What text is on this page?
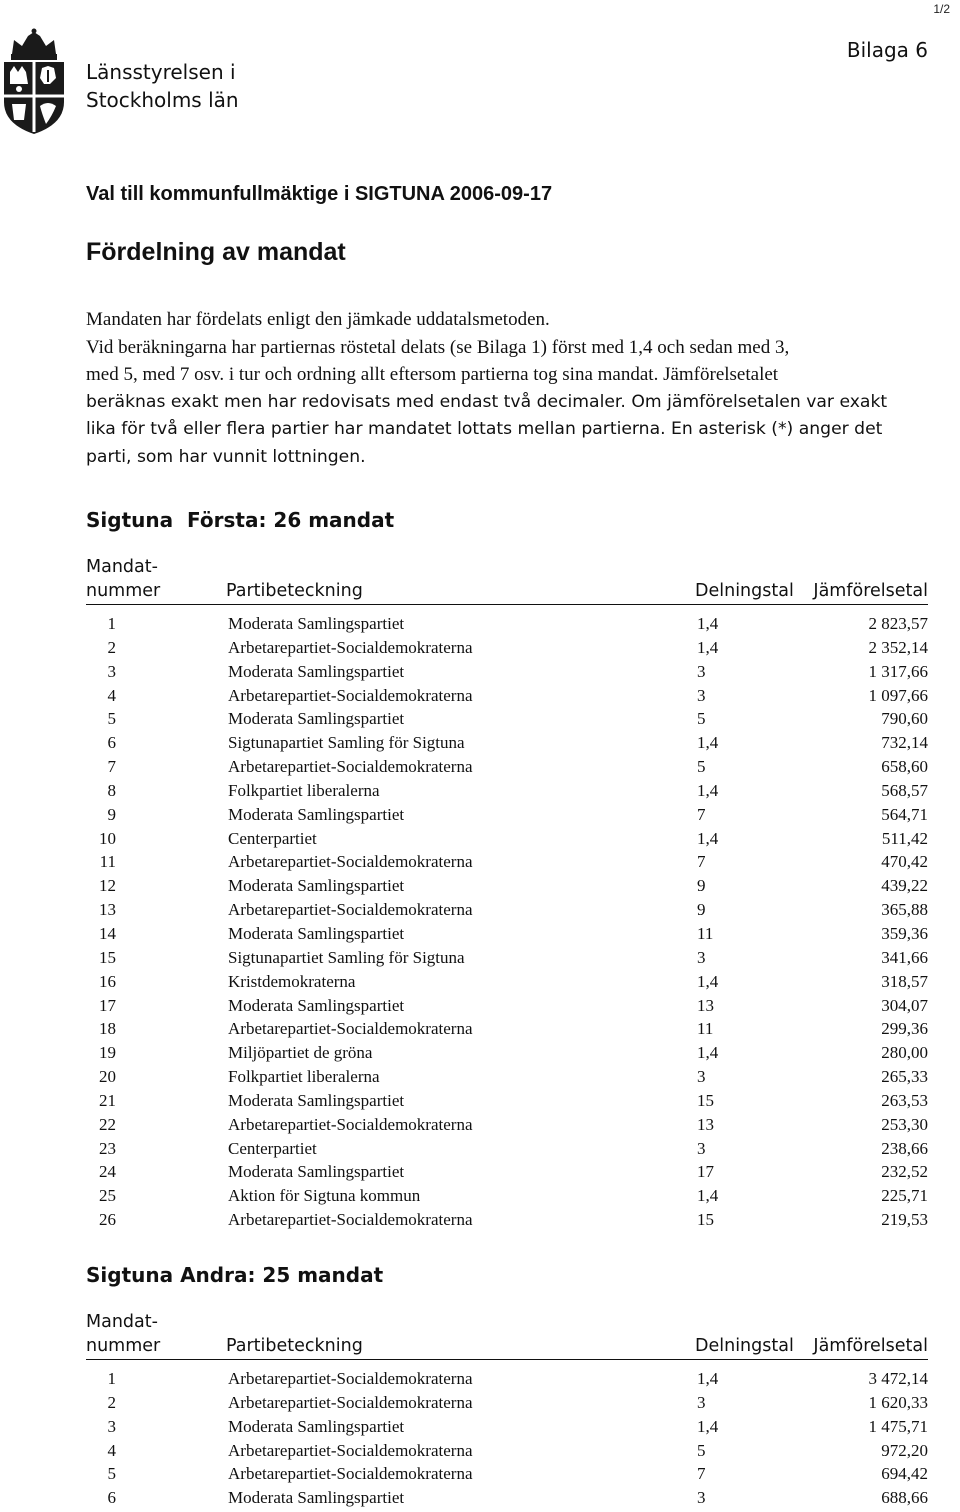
1/2
Länsstyrelsen i
Stockholms län
Bilaga 6
Val till kommunfullmäktige i SIGTUNA 2006-09-17
Fördelning av mandat
Mandaten har fördelats enligt den jämkade uddatalsmetoden.
Vid beräkningarna har partiernas röstetal delats (se Bilaga 1) först med 1,4 och sedan med 3,
med 5, med 7 osv. i tur och ordning allt eftersom partierna tog sina mandat. Jämförelsetalet
beräknas exakt men har redovisats med endast två decimaler. Om jämförelsetalen var exakt
lika för två eller flera partier har mandatet lottats mellan partierna. En asterisk (*) anger det
parti, som har vunnit lottningen.
Sigtuna  Första: 26 mandat
Mandat-
nummer	Partibeteckning	Delningstal Jämförelsetal
1	Moderata Samlingspartiet	1,4	2 823,57
2	Arbetarepartiet-Socialdemokraterna	1,4	2 352,14
3	Moderata Samlingspartiet	3	1 317,66
4	Arbetarepartiet-Socialdemokraterna	3	1 097,66
5	Moderata Samlingspartiet	5	790,60
6	Sigtunapartiet Samling för Sigtuna	1,4	732,14
7	Arbetarepartiet-Socialdemokraterna	5	658,60
8	Folkpartiet liberalerna	1,4	568,57
9	Moderata Samlingspartiet	7	564,71
10	Centerpartiet	1,4	511,42
11	Arbetarepartiet-Socialdemokraterna	7	470,42
12	Moderata Samlingspartiet	9	439,22
13	Arbetarepartiet-Socialdemokraterna	9	365,88
14	Moderata Samlingspartiet	11	359,36
15	Sigtunapartiet Samling för Sigtuna	3	341,66
16	Kristdemokraterna	1,4	318,57
17	Moderata Samlingspartiet	13	304,07
18	Arbetarepartiet-Socialdemokraterna	11	299,36
19	Miljöpartiet de gröna	1,4	280,00
20	Folkpartiet liberalerna	3	265,33
21	Moderata Samlingspartiet	15	263,53
22	Arbetarepartiet-Socialdemokraterna	13	253,30
23	Centerpartiet	3	238,66
24	Moderata Samlingspartiet	17	232,52
25	Aktion för Sigtuna kommun	1,4	225,71
26	Arbetarepartiet-Socialdemokraterna	15	219,53
Sigtuna Andra: 25 mandat
Mandat-
nummer	Partibeteckning	Delningstal Jämförelsetal
1	Arbetarepartiet-Socialdemokraterna	1,4	3 472,14
2	Arbetarepartiet-Socialdemokraterna	3	1 620,33
3	Moderata Samlingspartiet	1,4	1 475,71
4	Arbetarepartiet-Socialdemokraterna	5	972,20
5	Arbetarepartiet-Socialdemokraterna	7	694,42
6	Moderata Samlingspartiet	3	688,66
